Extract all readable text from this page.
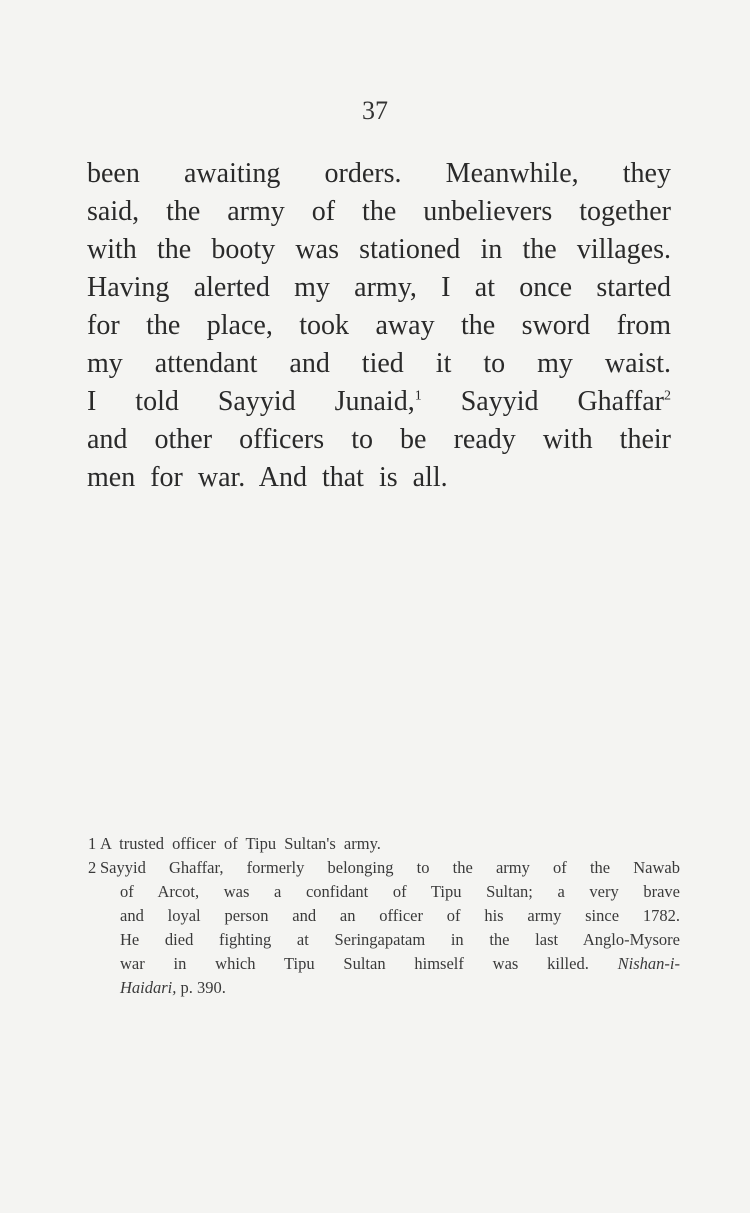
37
been awaiting orders. Meanwhile, they
said, the army of the unbelievers together
with the booty was stationed in the villages.
Having alerted my army, I at once started
for the place, took away the sword from
my attendant and tied it to my waist.
I told Sayyid Junaid,$^1$ Sayyid Ghaffar$^2$
and other officers to be ready with their
men for war. And that is all.
1 A trusted officer of Tipu Sultan's army.
2 Sayyid Ghaffar, formerly belonging to the army of the Nawab
of Arcot, was a confidant of Tipu Sultan; a very brave
and loyal person and an officer of his army since 1782.
He died fighting at Seringapatam in the last Anglo-Mysore
war in which Tipu Sultan himself was killed. Nishan-i-
Haidari, p. 390.
